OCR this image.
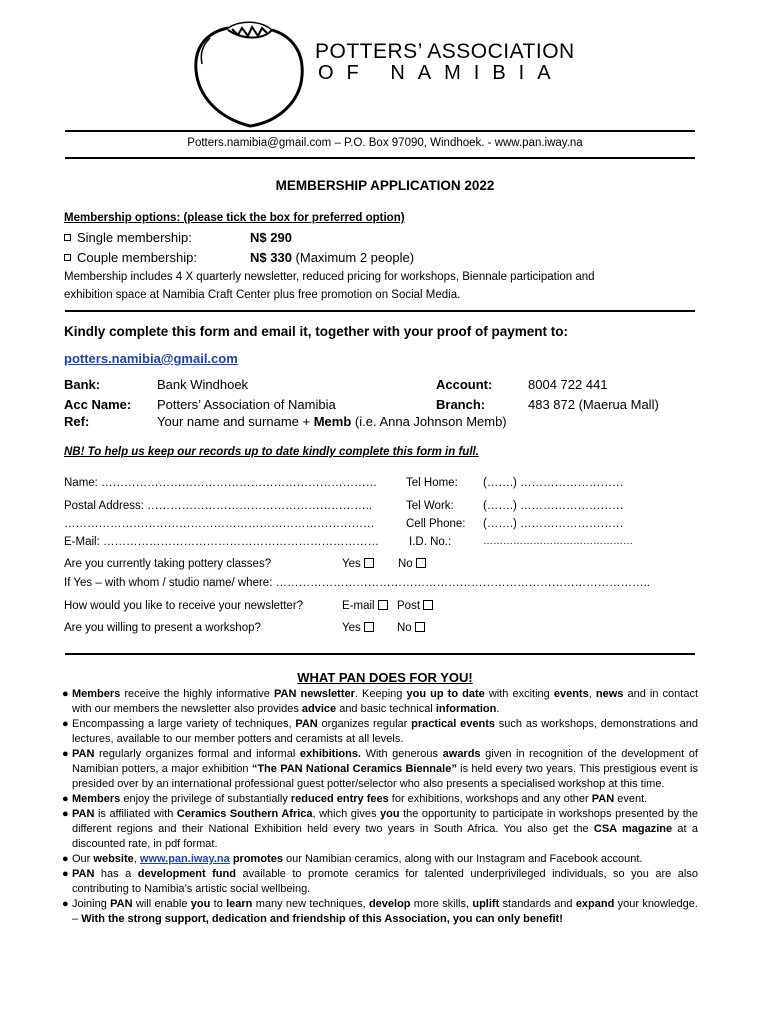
POTTERS’ ASSOCIATION
OF NAMIBIA
Potters.namibia@gmail.com – P.O. Box 97090, Windhoek. - www.pan.iway.na
MEMBERSHIP APPLICATION 2022
Membership options: (please tick the box for preferred option)
Single membership:	N$ 290
Couple membership:	N$ 330 (Maximum 2 people)
Membership includes 4 X quarterly newsletter, reduced pricing for workshops, Biennale participation and
exhibition space at Namibia Craft Center plus free promotion on Social Media.
Kindly complete this form and email it, together with your proof of payment to:
potters.namibia@gmail.com
Bank:	Bank Windhoek	Account:	8004 722 441
Acc Name: Potters’ Association of Namibia	Branch:	483 872 (Maerua Mall)
Ref:	Your name and surname + Memb (i.e. Anna Johnson Memb)
NB! To help us keep our records up to date kindly complete this form in full.
Name: ………………………………………………………………	Tel Home: (…….) ………………………
Postal Address: …………………………………………………..	Tel Work:	(…….) ………………………
………………………………………………………………………	Cell Phone: (…….) ………………………
E-Mail: ………………………………………………………………	I.D. No.:	………………………………………
Are you currently taking pottery classes?	Yes	No
If Yes – with whom / studio name/ where: ……………………………………………………………………………………..
How would you like to receive your newsletter?	E-mail	Post
Are you willing to present a workshop?	Yes	No
WHAT PAN DOES FOR YOU!

● Members receive the highly informative PAN newsletter. Keeping you up to date with exciting events, news and in contact with our members the newsletter also provides advice and basic technical information.

● Encompassing a large variety of techniques, PAN organizes regular practical events such as workshops, demonstrations and lectures, available to our member potters and ceramists at all levels.

● PAN regularly organizes formal and informal exhibitions. With generous awards given in recognition of the development of Namibian potters, a major exhibition “The PAN National Ceramics Biennale” is held every two years. This prestigious event is presided over by an international professional guest potter/selector who also presents a specialised workshop at this time.

● Members enjoy the privilege of substantially reduced entry fees for exhibitions, workshops and any other PAN event.

● PAN is affiliated with Ceramics Southern Africa, which gives you the opportunity to participate in workshops presented by the different regions and their National Exhibition held every two years in South Africa. You also get the CSA magazine at a discounted rate, in pdf format.

● Our website, www.pan.iway.na promotes our Namibian ceramics, along with our Instagram and Facebook account.

● PAN has a development fund available to promote ceramics for talented underprivileged individuals, so you are also contributing to Namibia’s artistic social wellbeing.

● Joining PAN will enable you to learn many new techniques, develop more skills, uplift standards and expand your knowledge. – With the strong support, dedication and friendship of this Association, you can only benefit!
